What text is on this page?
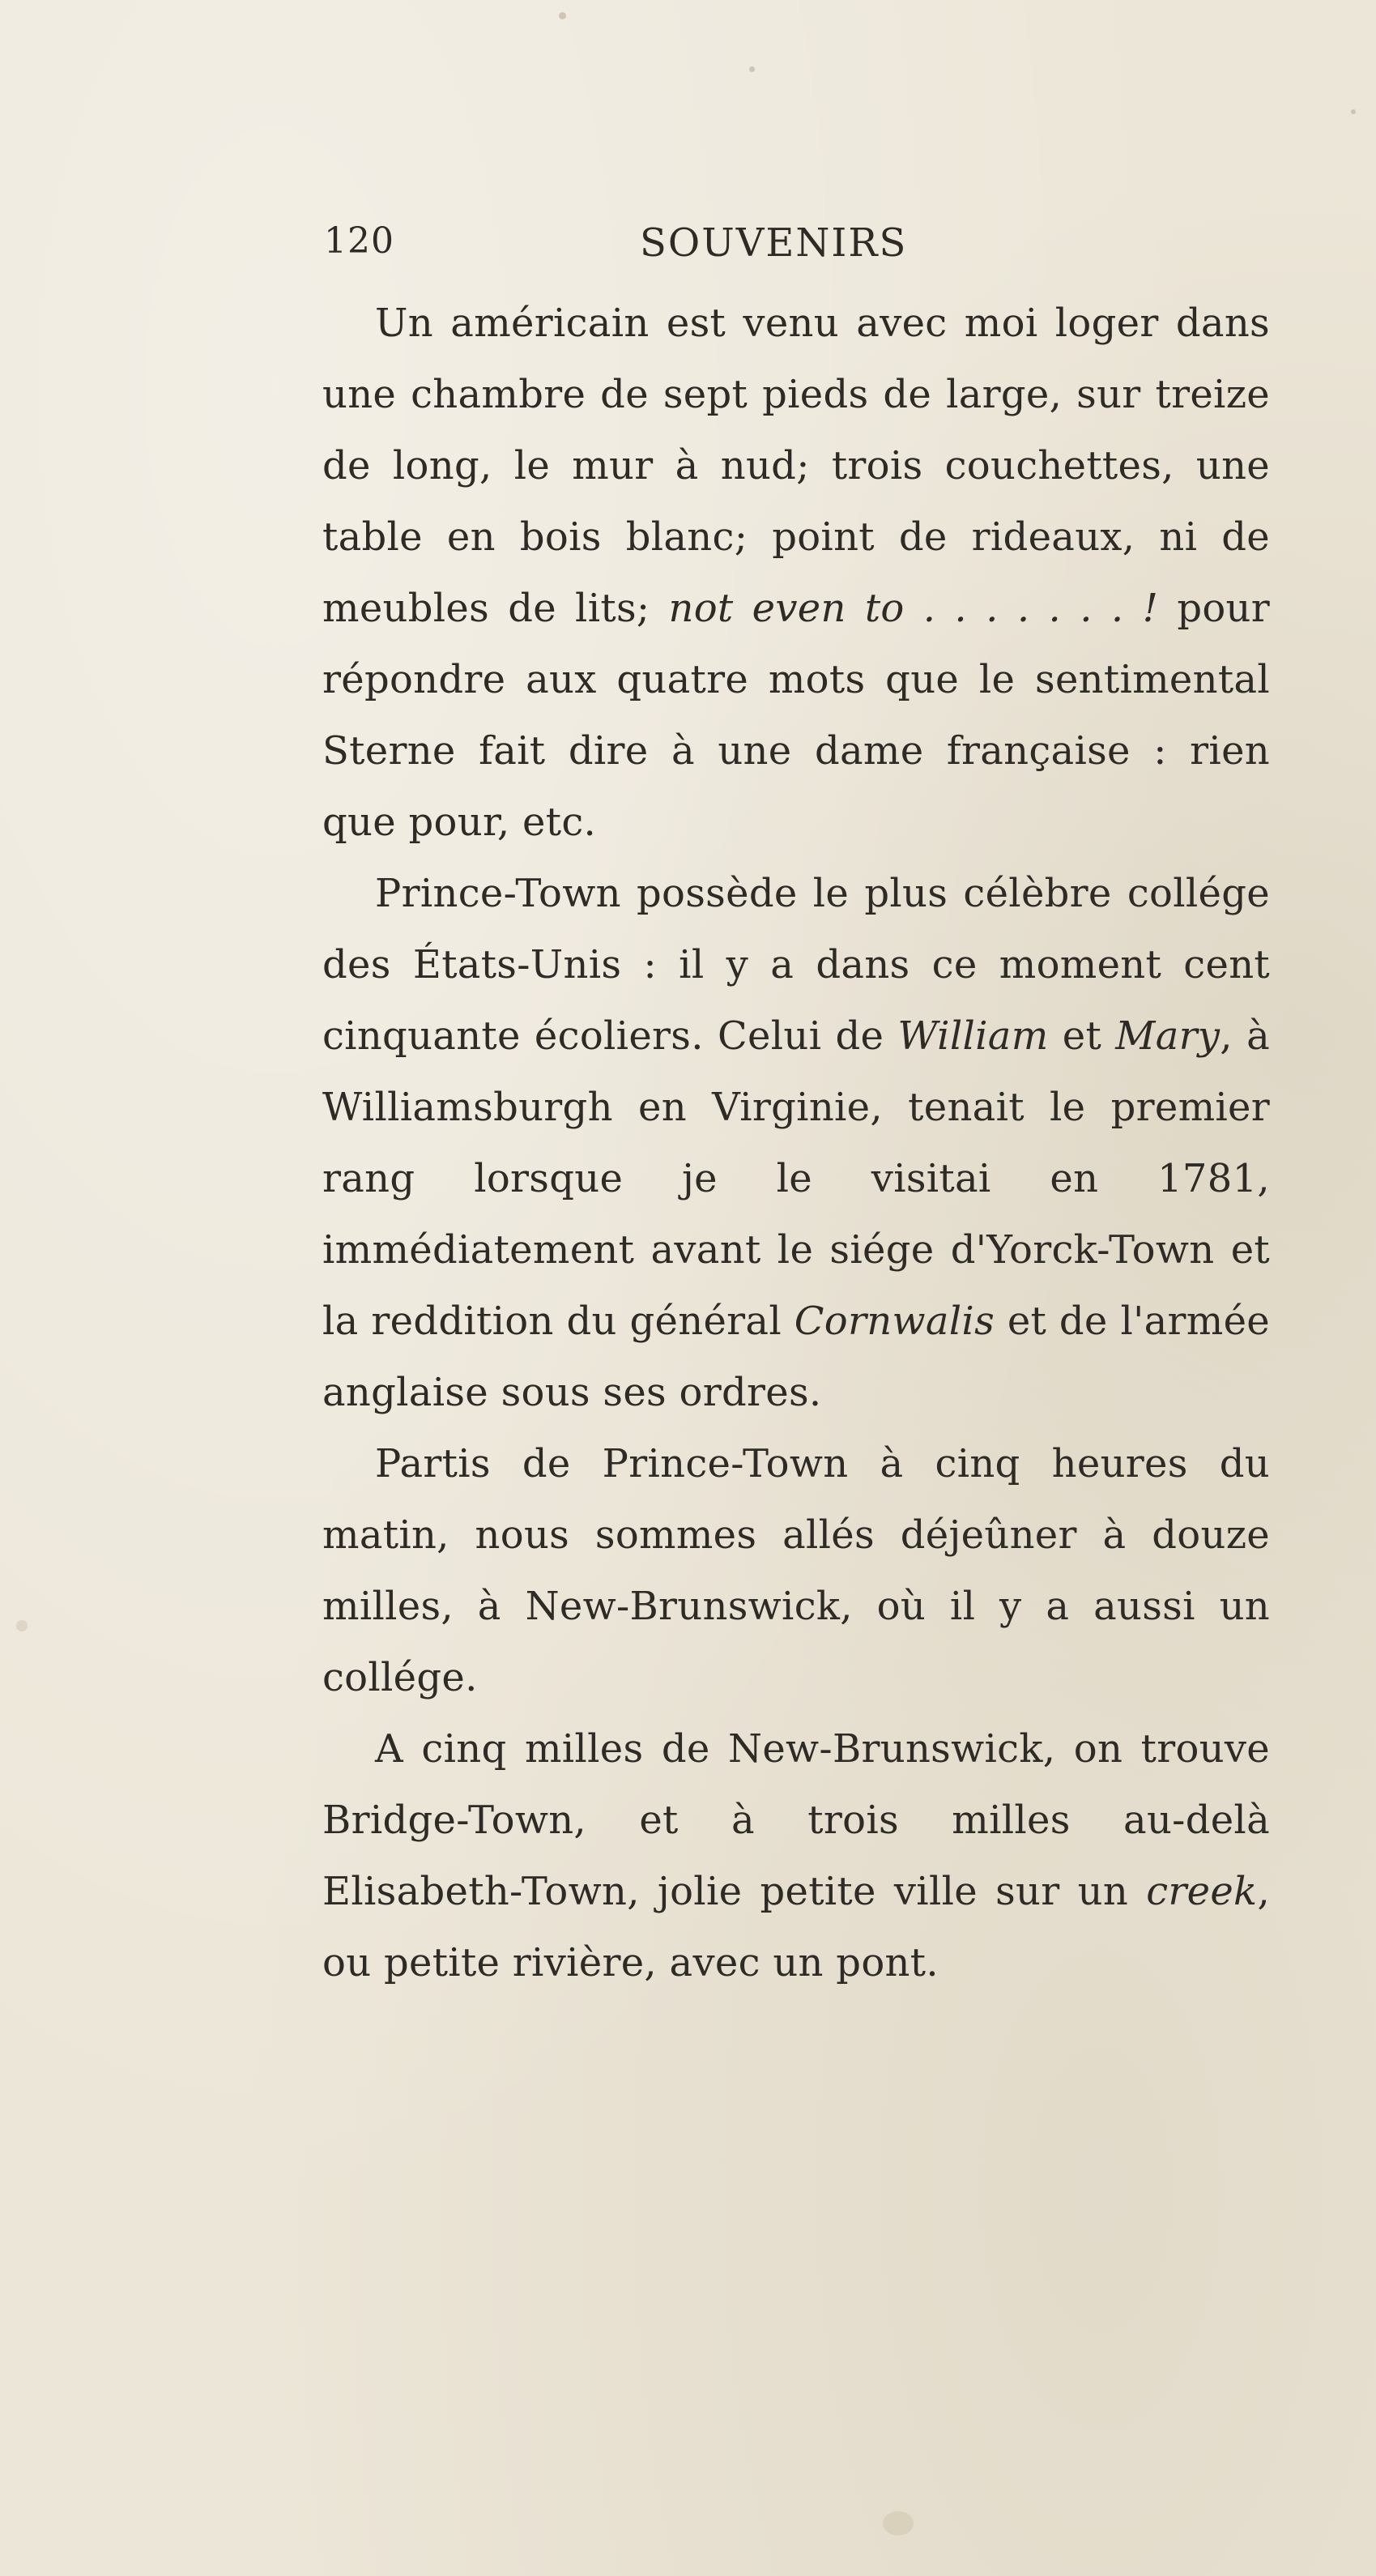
120	SOUVENIRS

Un américain est venu avec moi loger dans une chambre de sept pieds de large, sur treize de long, le mur à nud; trois couchettes, une table en bois blanc; point de rideaux, ni de meubles de lits; not even to . . . . . . . ! pour répondre aux quatre mots que le sentimental Sterne fait dire à une dame française : rien que pour, etc.

Prince-Town possède le plus célèbre collége des États-Unis : il y a dans ce moment cent cinquante écoliers. Celui de William et Mary, à Williamsburgh en Virginie, tenait le premier rang lorsque je le visitai en 1781, immédiatement avant le siége d'Yorck-Town et la reddition du général Cornwalis et de l'armée anglaise sous ses ordres.

Partis de Prince-Town à cinq heures du matin, nous sommes allés déjeûner à douze milles, à New-Brunswick, où il y a aussi un collége.

A cinq milles de New-Brunswick, on trouve Bridge-Town, et à trois milles au-delà Elisabeth-Town, jolie petite ville sur un creek, ou petite rivière, avec un pont.
